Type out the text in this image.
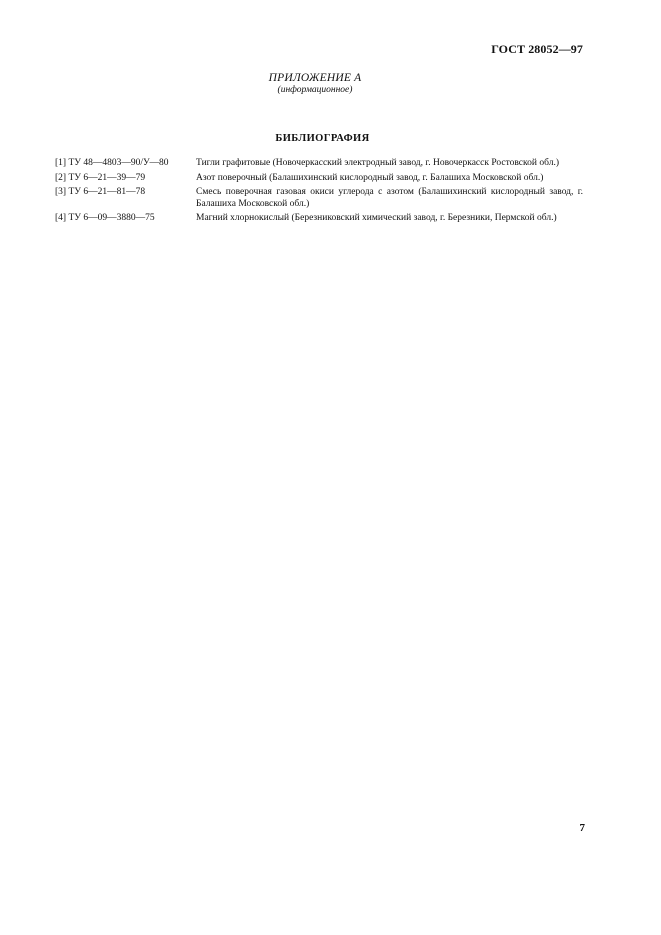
ГОСТ 28052—97
ПРИЛОЖЕНИЕ А
(информационное)
БИБЛИОГРАФИЯ
[1] ТУ 48—4803—90/У—80	Тигли графитовые (Новочеркасский электродный завод, г. Новочеркасск Ростовской обл.)
[2] ТУ 6—21—39—79	Азот поверочный (Балашихинский кислородный завод, г. Балашиха Московской обл.)
[3] ТУ 6—21—81—78	Смесь поверочная газовая окиси углерода с азотом (Балашихинский кислородный завод, г. Балашиха Московской обл.)
[4] ТУ 6—09—3880—75	Магний хлорнокислый (Березниковский химический завод, г. Березники, Пермской обл.)
7
